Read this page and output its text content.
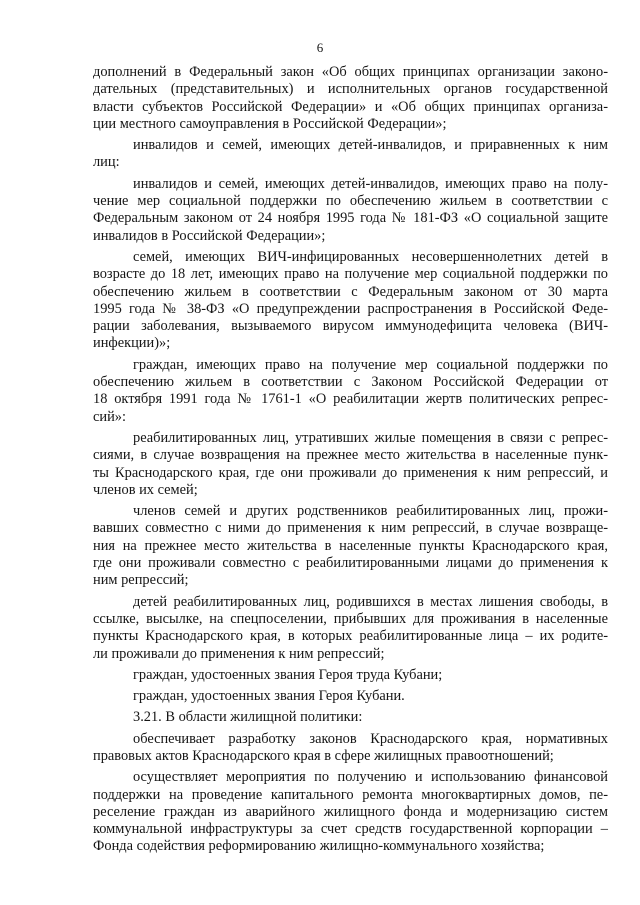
6
дополнений в Федеральный закон «Об общих принципах организации законо-
дательных (представительных) и исполнительных органов государственной
власти субъектов Российской Федерации» и «Об общих принципах организа-
ции местного самоуправления в Российской Федерации»;
инвалидов и семей, имеющих детей-инвалидов, и приравненных к ним
лиц:
инвалидов и семей, имеющих детей-инвалидов, имеющих право на полу-
чение мер социальной поддержки по обеспечению жильем в соответствии с
Федеральным законом от 24 ноября 1995 года № 181-ФЗ «О социальной защите
инвалидов в Российской Федерации»;
семей, имеющих ВИЧ-инфицированных несовершеннолетних детей в
возрасте до 18 лет, имеющих право на получение мер социальной поддержки по
обеспечению жильем в соответствии с Федеральным законом от 30 марта
1995 года № 38-ФЗ «О предупреждении распространения в Российской Феде-
рации заболевания, вызываемого вирусом иммунодефицита человека (ВИЧ-
инфекции)»;
граждан, имеющих право на получение мер социальной поддержки по
обеспечению жильем в соответствии с Законом Российской Федерации от
18 октября 1991 года № 1761-1 «О реабилитации жертв политических репрес-
сий»:
реабилитированных лиц, утративших жилые помещения в связи с репрес-
сиями, в случае возвращения на прежнее место жительства в населенные пунк-
ты Краснодарского края, где они проживали до применения к ним репрессий, и
членов их семей;
членов семей и других родственников реабилитированных лиц, прожи-
вавших совместно с ними до применения к ним репрессий, в случае возвраще-
ния на прежнее место жительства в населенные пункты Краснодарского края,
где они проживали совместно с реабилитированными лицами до применения к
ним репрессий;
детей реабилитированных лиц, родившихся в местах лишения свободы, в
ссылке, высылке, на спецпоселении, прибывших для проживания в населенные
пункты Краснодарского края, в которых реабилитированные лица – их родите-
ли проживали до применения к ним репрессий;
граждан, удостоенных звания Героя труда Кубани;
граждан, удостоенных звания Героя Кубани.
3.21. В области жилищной политики:
обеспечивает разработку законов Краснодарского края, нормативных
правовых актов Краснодарского края в сфере жилищных правоотношений;
осуществляет мероприятия по получению и использованию финансовой
поддержки на проведение капитального ремонта многоквартирных домов, пе-
реселение граждан из аварийного жилищного фонда и модернизацию систем
коммунальной инфраструктуры за счет средств государственной корпорации –
Фонда содействия реформированию жилищно-коммунального хозяйства;
